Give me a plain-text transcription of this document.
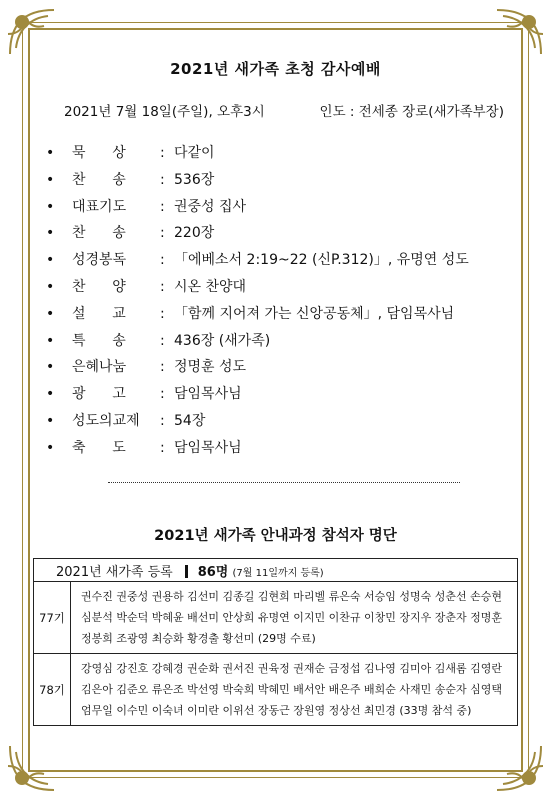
2021년 새가족 초청 감사예배
2021년 7월 18일(주일), 오후3시	인도 : 전세종 장로(새가족부장)
•	묵      상	: 다같이
•	찬      송	: 536장
•	대표기도	: 권중성 집사
•	찬      송	: 220장
•	성경봉독	: 「에베소서 2:19~22 (신P.312)」, 유명연 성도
•	찬      양	: 시온 찬양대
•	설      교	: 「함께 지어져 가는 신앙공동체」, 담임목사님
•	특      송	: 436장 (새가족)
•	은혜나눔	: 정명훈 성도
•	광      고	: 담임목사님
•	성도의교제	: 54장
•	축      도	: 담임목사님
2021년 새가족 안내과정 참석자 명단
2021년 새가족 등록 86명 (7월 11일까지 등록)	
77기	권수진 권중성 권용하 김선미 김종길 김현희 마리벨 류은숙 서승임 성명숙 성춘선 손승현 심분석 박순덕 박혜윤 배선미 안상희 유명연 이지민 이찬규 이창민 장지우 장춘자 정명훈 정봉희 조광영 최승화 황경출 황선미 (29명 수료)
78기	강영심 강진호 강혜경 권순화 권서진 권육정 권재순 금정섭 김나영 김미아 김새롬 김영란 김은아 김준오 류은조 박선영 박숙희 박혜민 배서안 배은주 배희순 사재민 송순자 심영택 엄무일 이수민 이숙녀 이미란 이위선 장동근 장원영 정상선 최민경 (33명 참석 중)
